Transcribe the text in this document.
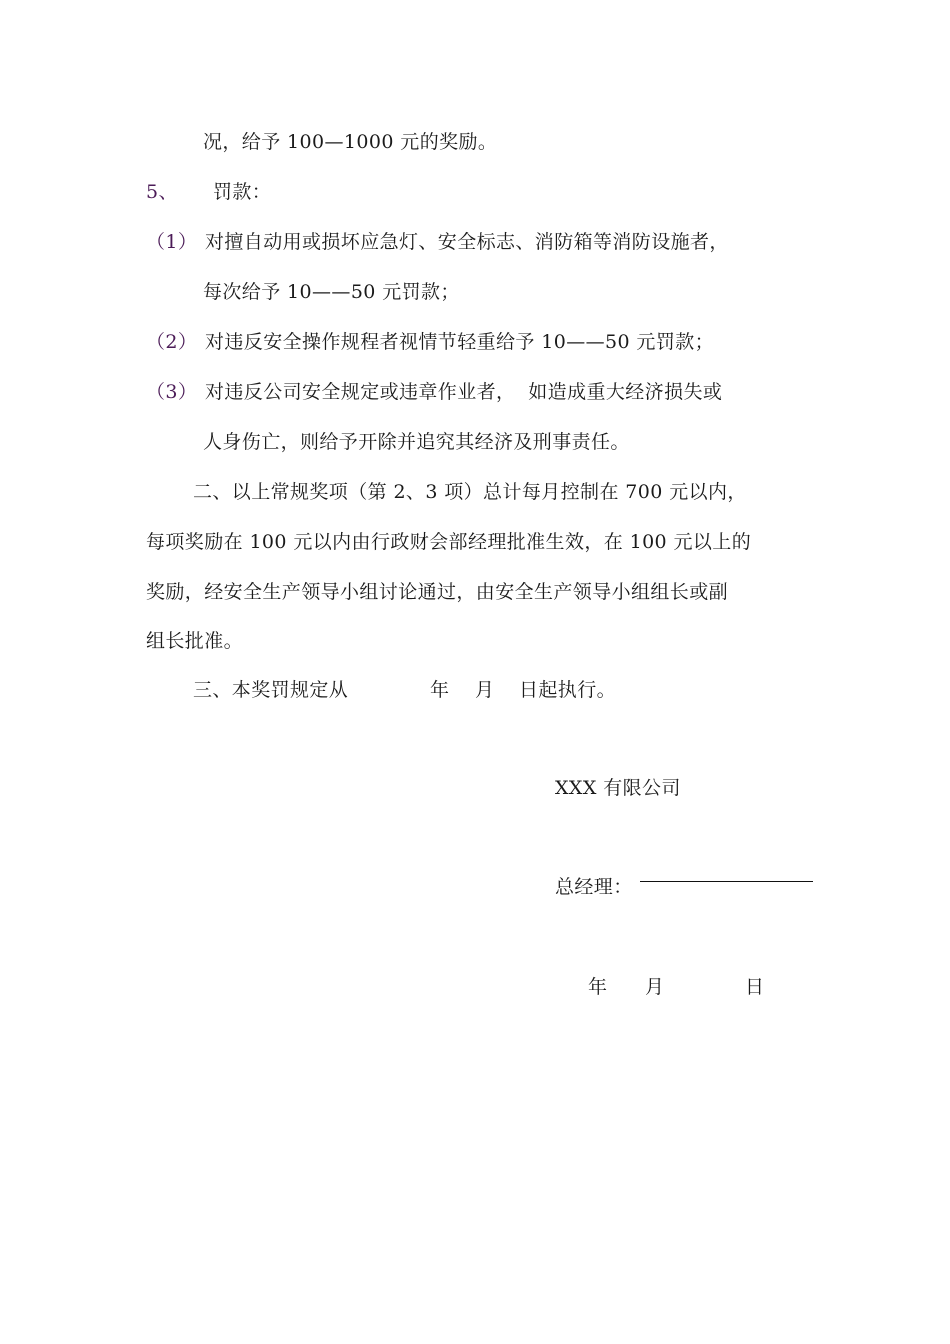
况，给予 100—1000 元的奖励。
5、 罚款：
（1） 对擅自动用或损坏应急灯、安全标志、消防箱等消防设施者，
每次给予 10——50 元罚款；
（2） 对违反安全操作规程者视情节轻重给予 10——50 元罚款；
（3） 对违反公司安全规定或违章作业者，  如造成重大经济损失或
人身伤亡，则给予开除并追究其经济及刑事责任。
二、以上常规奖项（第 2、3 项）总计每月控制在 700 元以内，
每项奖励在 100 元以内由行政财会部经理批准生效，在 100 元以上的
奖励，经安全生产领导小组讨论通过，由安全生产领导小组组长或副
组长批准。
三、本奖罚规定从	年 月 日起执行。
XXX 有限公司
总经理：
年 月	日
